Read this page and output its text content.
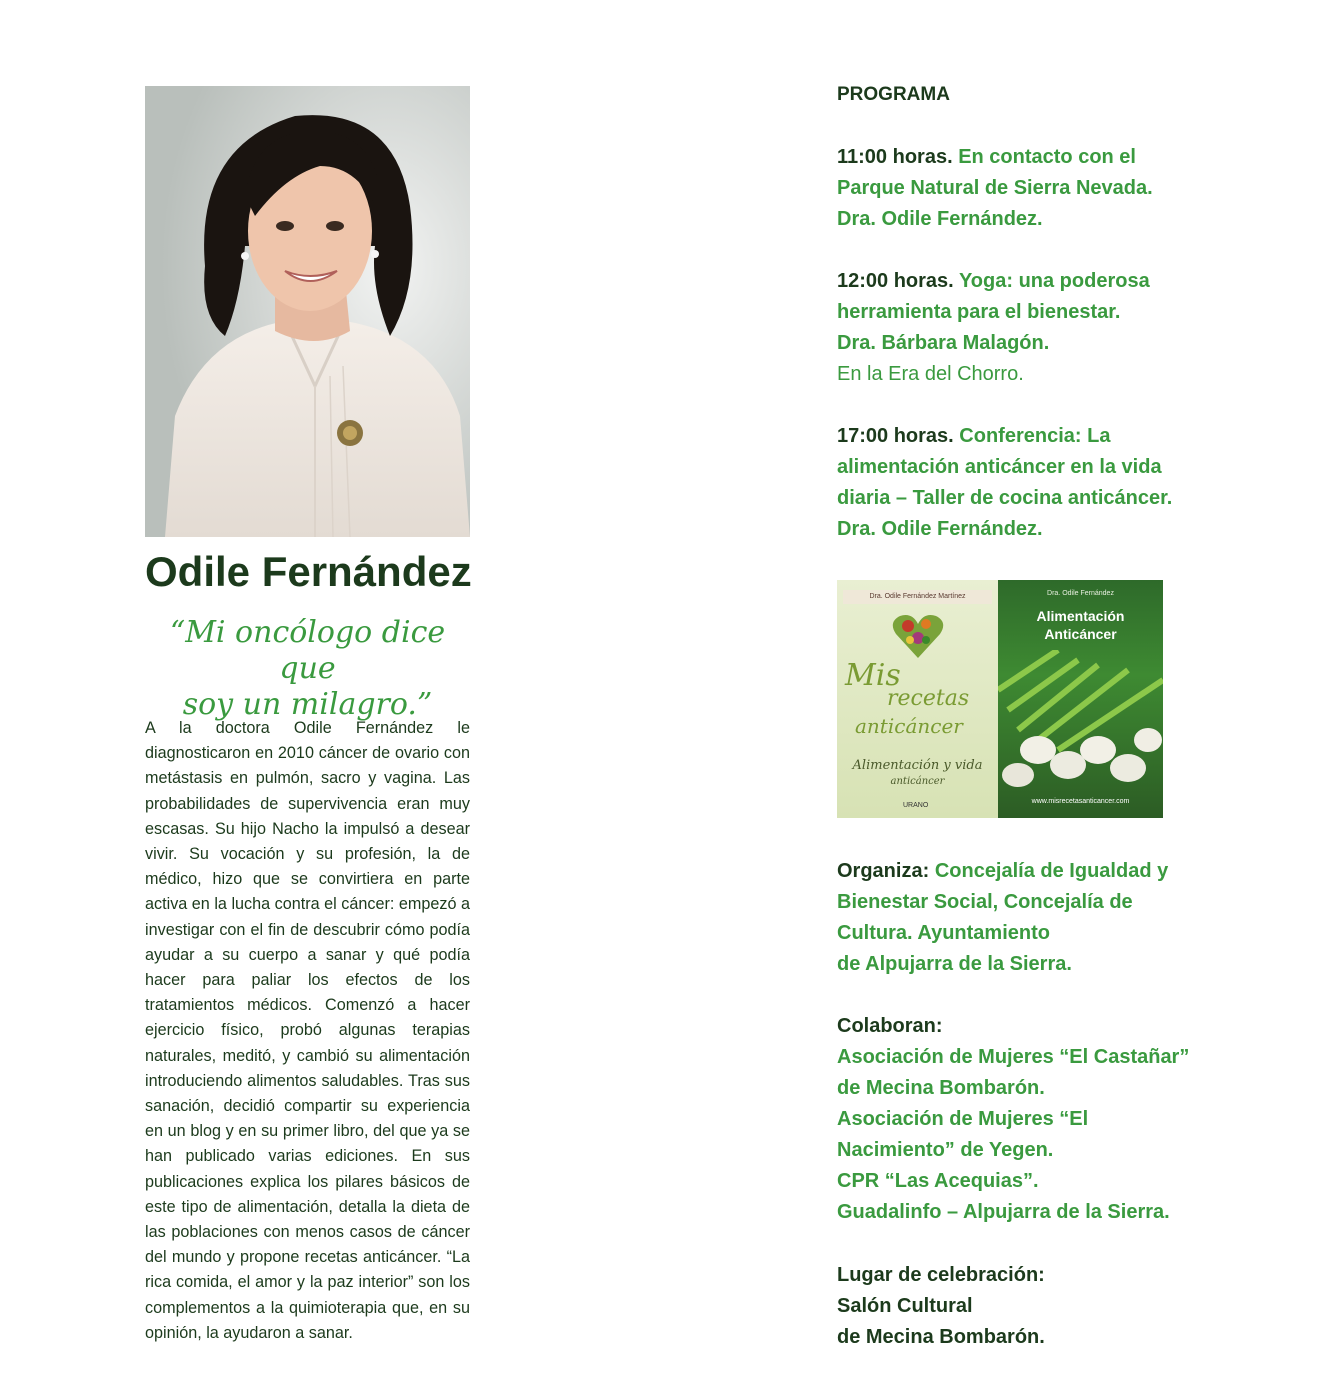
Odile Fernández
“Mi oncólogo dice que
soy un milagro.”
A la doctora Odile Fernández le diagnosticaron en 2010 cáncer de ovario con metástasis en pulmón, sacro y vagina. Las probabilidades de supervivencia eran muy escasas. Su hijo Nacho la impulsó a desear vivir. Su vocación y su profesión, la de médico, hizo que se convirtiera en parte activa en la lucha contra el cáncer: empezó a investigar con el fin de descubrir cómo podía ayudar a su cuerpo a sanar y qué podía hacer para paliar los efectos de los tratamientos médicos. Comenzó a hacer ejercicio físico, probó algunas terapias naturales, meditó, y cambió su alimentación introduciendo alimentos saludables. Tras sus sanación, decidió compartir su experiencia en un blog y en su primer libro, del que ya se han publicado varias ediciones. En sus publicaciones explica los pilares básicos de este tipo de alimentación, detalla la dieta de las poblaciones con menos casos de cáncer del mundo y propone recetas anticáncer. “La rica comida, el amor y la paz interior” son los complementos a la quimioterapia que, en su opinión, la ayudaron a sanar.
PROGRAMA
11:00 horas. En contacto con el
Parque Natural de Sierra Nevada.
Dra. Odile Fernández.
12:00 horas. Yoga: una poderosa
herramienta para el bienestar.
Dra. Bárbara Malagón.
En la Era del Chorro.
17:00 horas. Conferencia: La
alimentación anticáncer en la vida
diaria – Taller de cocina anticáncer.
Dra. Odile Fernández.
Dra. Odile Fernández Martínez
Mis
recetas
anticáncer
Alimentación y vida
anticáncer
URANO
Dra. Odile Fernández
Alimentación
Anticáncer
www.misrecetasanticancer.com
Organiza: Concejalía de Igualdad y
Bienestar Social, Concejalía de
Cultura. Ayuntamiento
de Alpujarra de la Sierra.
Colaboran:
Asociación de Mujeres “El Castañar”
de Mecina Bombarón.
Asociación de Mujeres “El
Nacimiento” de Yegen.
CPR “Las Acequias”.
Guadalinfo – Alpujarra de la Sierra.
Lugar de celebración:
Salón Cultural
de Mecina Bombarón.
